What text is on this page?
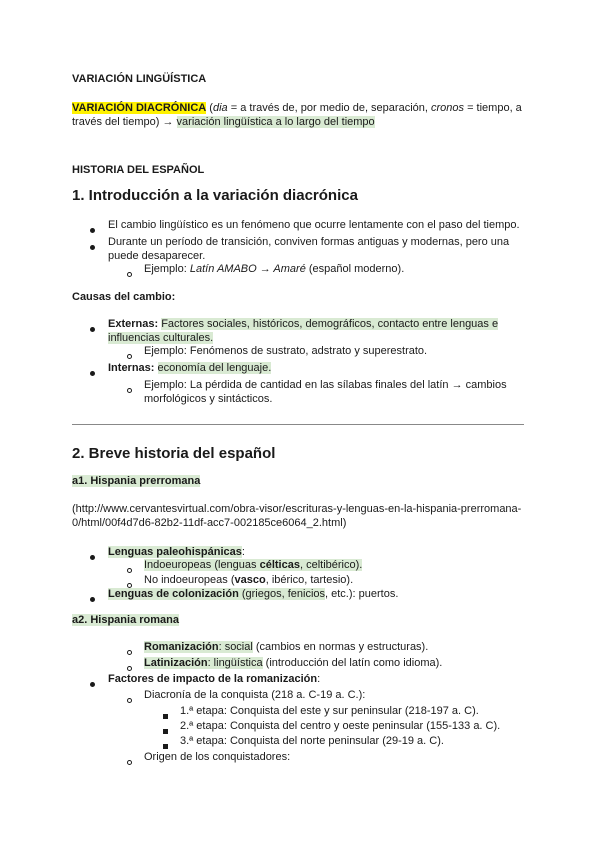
VARIACIÓN LINGÜÍSTICA
VARIACIÓN DIACRÓNICA (dia = a través de, por medio de, separación, cronos = tiempo, a
través del tiempo) → variación lingüística a lo largo del tiempo
HISTORIA DEL ESPAÑOL
1. Introducción a la variación diacrónica
El cambio lingüístico es un fenómeno que ocurre lentamente con el paso del tiempo.
Durante un período de transición, conviven formas antiguas y modernas, pero una
puede desaparecer.
Ejemplo: Latín AMABO → Amaré (español moderno).
Causas del cambio:
Externas: Factores sociales, históricos, demográficos, contacto entre lenguas e
influencias culturales.
Ejemplo: Fenómenos de sustrato, adstrato y superestrato.
Internas: economía del lenguaje.
Ejemplo: La pérdida de cantidad en las sílabas finales del latín → cambios
morfológicos y sintácticos.
2. Breve historia del español
a1. Hispania prerromana
(http://www.cervantesvirtual.com/obra-visor/escrituras-y-lenguas-en-la-hispania-prerromana-
0/html/00f4d7d6-82b2-11df-acc7-002185ce6064_2.html)
Lenguas paleohispánicas:
Indoeuropeas (lenguas célticas, celtibérico).
No indoeuropeas (vasco, ibérico, tartesio).
Lenguas de colonización (griegos, fenicios, etc.): puertos.
a2. Hispania romana
Romanización: social (cambios en normas y estructuras).
Latinización: lingüística (introducción del latín como idioma).
Factores de impacto de la romanización:
Diacronía de la conquista (218 a. C-19 a. C.):
1.ª etapa: Conquista del este y sur peninsular (218-197 a. C).
2.ª etapa: Conquista del centro y oeste peninsular (155-133 a. C).
3.ª etapa: Conquista del norte peninsular (29-19 a. C).
Origen de los conquistadores:
